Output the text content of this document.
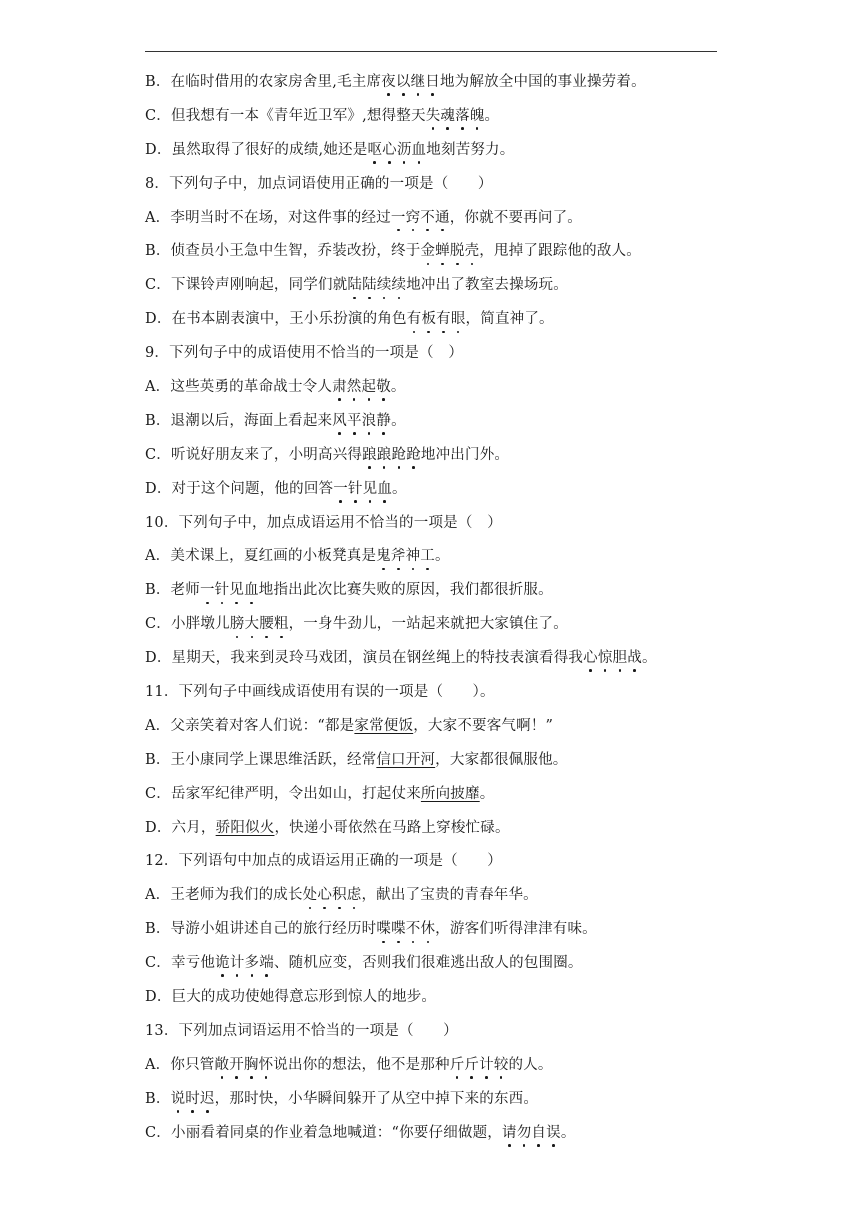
B．在临时借用的农家房舍里,毛主席夜以继日地为解放全中国的事业操劳着。
C．但我想有一本《青年近卫军》,想得整天失魂落魄。
D．虽然取得了很好的成绩,她还是呕心沥血地刻苦努力。
8．下列句子中，加点词语使用正确的一项是（　　）
A．李明当时不在场，对这件事的经过一窍不通，你就不要再问了。
B．侦查员小王急中生智，乔装改扮，终于金蝉脱壳，甩掉了跟踪他的敌人。
C．下课铃声刚响起，同学们就陆陆续续地冲出了教室去操场玩。
D．在书本剧表演中，王小乐扮演的角色有板有眼，简直神了。
9．下列句子中的成语使用不恰当的一项是（　）
A．这些英勇的革命战士令人肃然起敬。
B．退潮以后，海面上看起来风平浪静。
C．听说好朋友来了，小明高兴得踉踉跄跄地冲出门外。
D．对于这个问题，他的回答一针见血。
10．下列句子中，加点成语运用不恰当的一项是（　）
A．美术课上，夏红画的小板凳真是鬼斧神工。
B．老师一针见血地指出此次比赛失败的原因，我们都很折服。
C．小胖墩儿膀大腰粗，一身牛劲儿，一站起来就把大家镇住了。
D．星期天，我来到灵玲马戏团，演员在钢丝绳上的特技表演看得我心惊胆战。
11．下列句子中画线成语使用有误的一项是（　　）。
A．父亲笑着对客人们说：“都是家常便饭，大家不要客气啊！”
B．王小康同学上课思维活跃，经常信口开河，大家都很佩服他。
C．岳家军纪律严明，令出如山，打起仗来所向披靡。
D．六月，骄阳似火，快递小哥依然在马路上穿梭忙碌。
12．下列语句中加点的成语运用正确的一项是（　　）
A．王老师为我们的成长处心积虑，献出了宝贵的青春年华。
B．导游小姐讲述自己的旅行经历时喋喋不休，游客们听得津津有味。
C．幸亏他诡计多端、随机应变，否则我们很难逃出敌人的包围圈。
D．巨大的成功使她得意忘形到惊人的地步。
13．下列加点词语运用不恰当的一项是（　　）
A．你只管敞开胸怀说出你的想法，他不是那种斤斤计较的人。
B．说时迟，那时快，小华瞬间躲开了从空中掉下来的东西。
C．小丽看着同桌的作业着急地喊道：“你要仔细做题，请勿自误。
